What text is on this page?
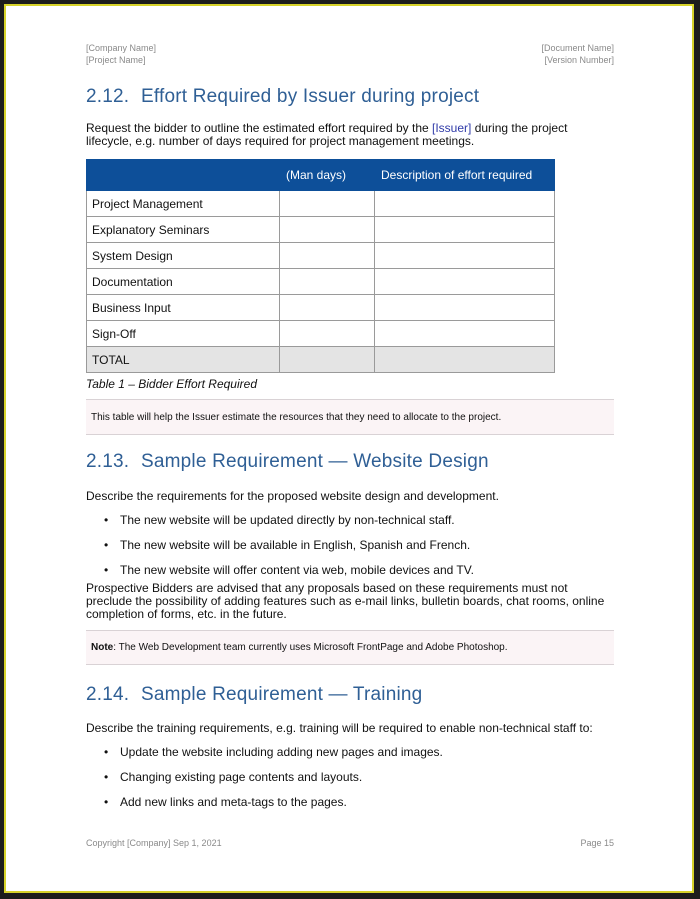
[Company Name]
[Project Name]
[Document Name]
[Version Number]
2.12. Effort Required by Issuer during project

Request the bidder to outline the estimated effort required by the [Issuer] during the project lifecycle, e.g. number of days required for project management meetings.

	(Man days)	Description of effort required
Project Management		
Explanatory Seminars		
System Design		
Documentation		
Business Input		
Sign-Off		
TOTAL		
Table 1 – Bidder Effort Required
This table will help the Issuer estimate the resources that they need to allocate to the project.
2.13. Sample Requirement — Website Design

Describe the requirements for the proposed website design and development.

• The new website will be updated directly by non-technical staff.
• The new website will be available in English, Spanish and French.
• The new website will offer content via web, mobile devices and TV.

Prospective Bidders are advised that any proposals based on these requirements must not preclude the possibility of adding features such as e-mail links, bulletin boards, chat rooms, online completion of forms, etc. in the future.

Note: The Web Development team currently uses Microsoft FrontPage and Adobe Photoshop.
2.14. Sample Requirement — Training

Describe the training requirements, e.g. training will be required to enable non-technical staff to:

• Update the website including adding new pages and images.
• Changing existing page contents and layouts.
• Add new links and meta-tags to the pages.
Copyright [Company] Sep 1, 2021	Page 15
